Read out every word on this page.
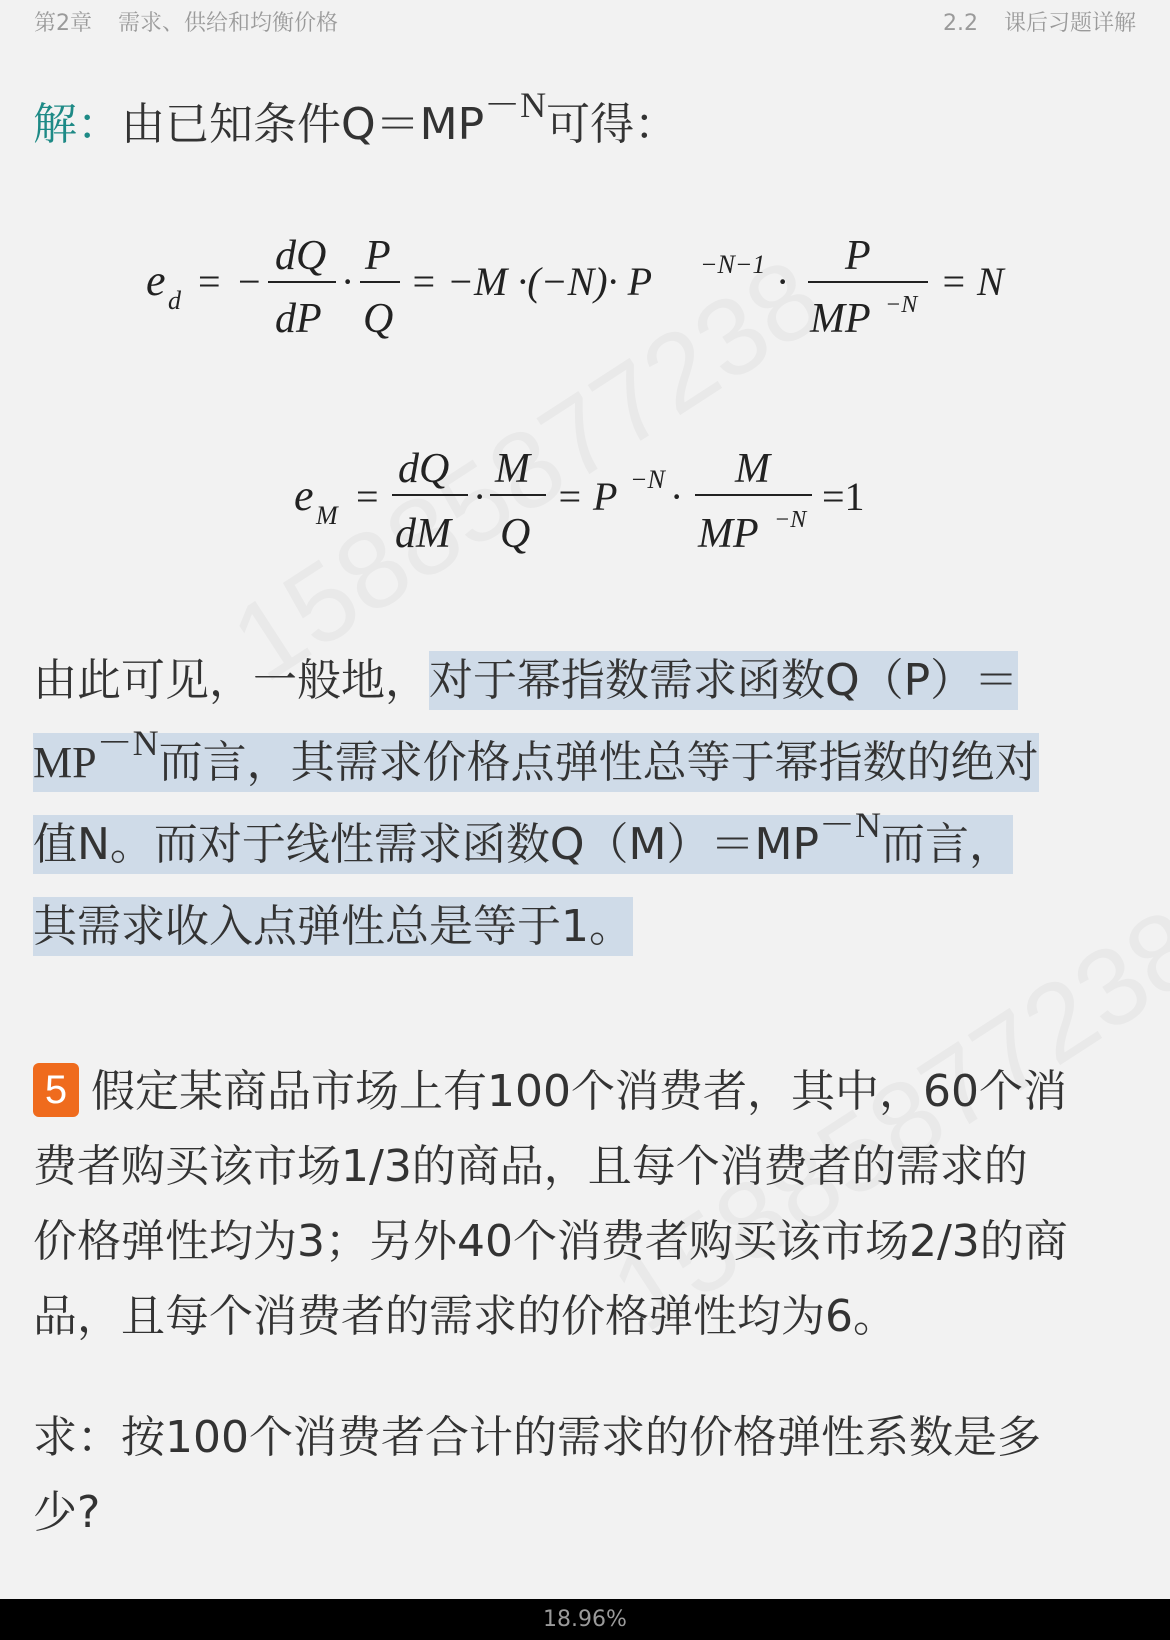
第2章 需求、供给和均衡价格	2.2 课后习题详解
解：由已知条件$Q=MP^{-N}$可得：
e d = −
dQ
dP
·
P
Q
= −M ·(−N)· P −N−1 ·
P
MP −N
= N
e M =
dQ
dM
·
M
Q
= P −N ·
M
MP −N
=1
由此可见，一般地，对于幂指数需求函数Q（P）＝
$MP^{-N}$而言，其需求价格点弹性总等于幂指数的绝对
值N。而对于线性需求函数$Q(M)=MP^{-N}$而言，
其需求收入点弹性总是等于1。
5 假定某商品市场上有100个消费者，其中，60个消
费者购买该市场1/3的商品，且每个消费者的需求的
价格弹性均为3；另外40个消费者购买该市场2/3的商
品，且每个消费者的需求的价格弹性均为6。
求：按100个消费者合计的需求的价格弹性系数是多
少?
18.96%
